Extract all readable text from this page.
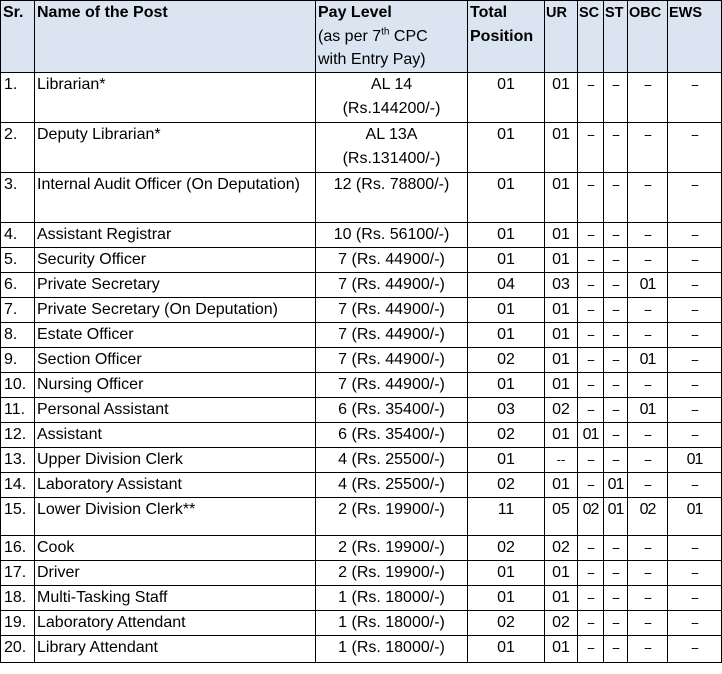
Sr.	Name of the Post	Pay Level
(as per 7th CPC
with Entry Pay)	Total
Position	UR	SC	ST	OBC	EWS
1.	Librarian*	AL 14
(Rs.144200/-)	01	01	--	--	--	--
2.	Deputy Librarian*	AL 13A
(Rs.131400/-)	01	01	--	--	--	--
3.	Internal Audit Officer (On Deputation)	12 (Rs. 78800/-)	01	01	--	--	--	--
4.	Assistant Registrar	10 (Rs. 56100/-)	01	01	--	--	--	--
5.	Security Officer	7 (Rs. 44900/-)	01	01	--	--	--	--
6.	Private Secretary	7 (Rs. 44900/-)	04	03	--	--	01	--
7.	Private Secretary (On Deputation)	7 (Rs. 44900/-)	01	01	--	--	--	--
8.	Estate Officer	7 (Rs. 44900/-)	01	01	--	--	--	--
9.	Section Officer	7 (Rs. 44900/-)	02	01	--	--	01	--
10.	Nursing Officer	7 (Rs. 44900/-)	01	01	--	--	--	--
11.	Personal Assistant	6 (Rs. 35400/-)	03	02	--	--	01	--
12.	Assistant	6 (Rs. 35400/-)	02	01	01	--	--	--
13.	Upper Division Clerk	4 (Rs. 25500/-)	01	--	--	--	--	01
14.	Laboratory Assistant	4 (Rs. 25500/-)	02	01	--	01	--	--
15.	Lower Division Clerk**	2 (Rs. 19900/-)	11	05	02	01	02	01
16.	Cook	2 (Rs. 19900/-)	02	02	--	--	--	--
17.	Driver	2 (Rs. 19900/-)	01	01	--	--	--	--
18.	Multi-Tasking Staff	1 (Rs. 18000/-)	01	01	--	--	--	--
19.	Laboratory Attendant	1 (Rs. 18000/-)	02	02	--	--	--	--
20.	Library Attendant	1 (Rs. 18000/-)	01	01	--	--	--	--
